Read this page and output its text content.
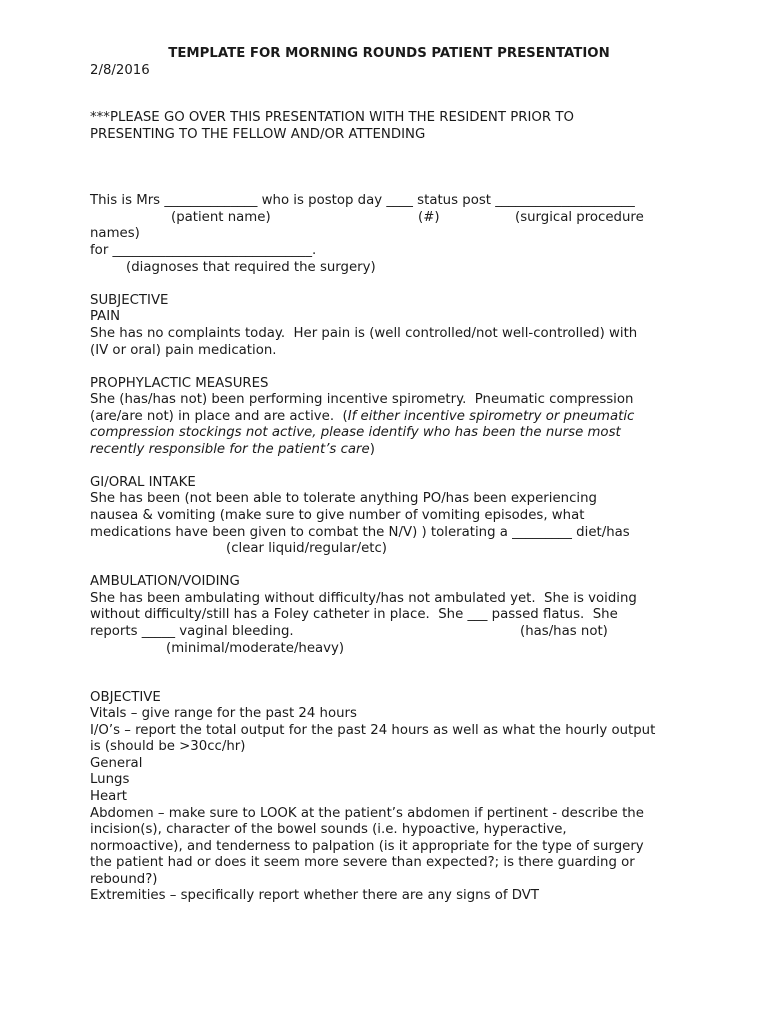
TEMPLATE FOR MORNING ROUNDS PATIENT PRESENTATION
2/8/2016
***PLEASE GO OVER THIS PRESENTATION WITH THE RESIDENT PRIOR TO
PRESENTING TO THE FELLOW AND/OR ATTENDING
This is Mrs ______________ who is postop day ____ status post _____________________
(patient name)	(#)	(surgical procedure
names)
for ______________________________.
(diagnoses that required the surgery)
SUBJECTIVE
PAIN
She has no complaints today.  Her pain is (well controlled/not well-controlled) with
(IV or oral) pain medication.
PROPHYLACTIC MEASURES
She (has/has not) been performing incentive spirometry.  Pneumatic compression
(are/are not) in place and are active.  (If either incentive spirometry or pneumatic
compression stockings not active, please identify who has been the nurse most
recently responsible for the patient’s care)
GI/ORAL INTAKE
She has been (not been able to tolerate anything PO/has been experiencing
nausea & vomiting (make sure to give number of vomiting episodes, what
medications have been given to combat the N/V) ) tolerating a _________ diet/has
(clear liquid/regular/etc)
AMBULATION/VOIDING
She has been ambulating without difficulty/has not ambulated yet.  She is voiding
without difficulty/still has a Foley catheter in place.  She ___ passed flatus.  She
reports _____ vaginal bleeding.	(has/has not)
(minimal/moderate/heavy)
OBJECTIVE
Vitals – give range for the past 24 hours
I/O’s – report the total output for the past 24 hours as well as what the hourly output
is (should be >30cc/hr)
General
Lungs
Heart
Abdomen – make sure to LOOK at the patient’s abdomen if pertinent - describe the
incision(s), character of the bowel sounds (i.e. hypoactive, hyperactive,
normoactive), and tenderness to palpation (is it appropriate for the type of surgery
the patient had or does it seem more severe than expected?; is there guarding or
rebound?)
Extremities – specifically report whether there are any signs of DVT
